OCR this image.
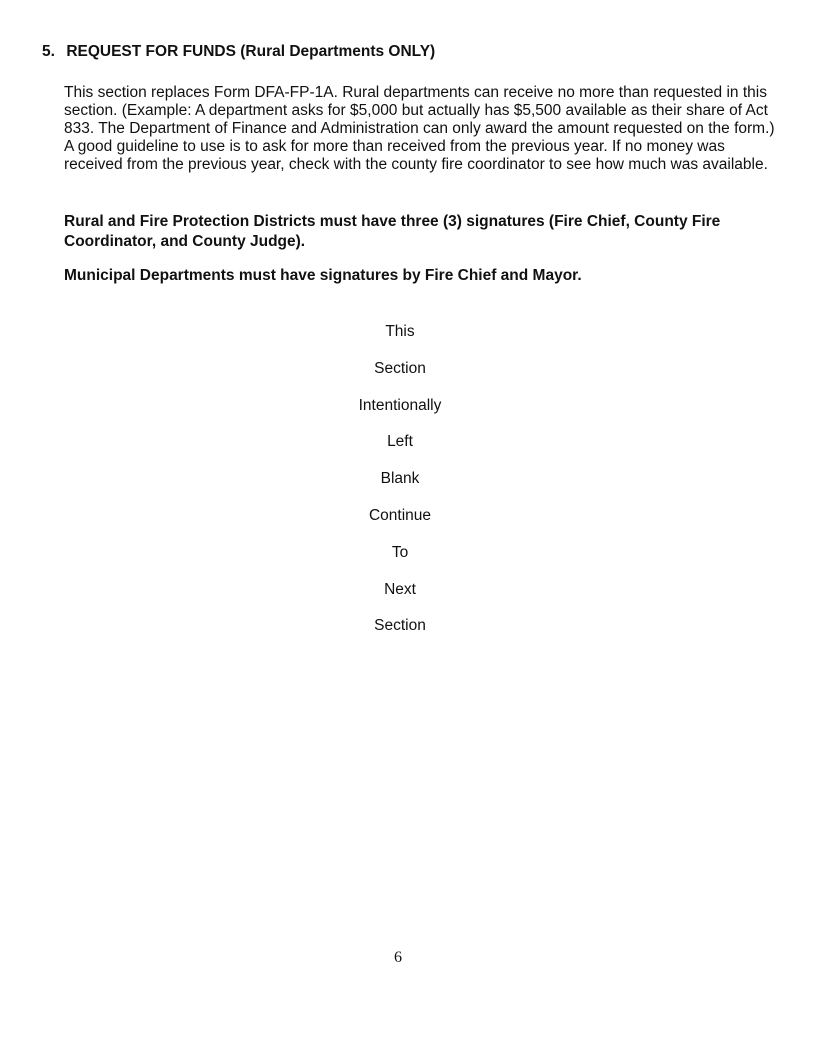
5. REQUEST FOR FUNDS (Rural Departments ONLY)

This section replaces Form DFA-FP-1A. Rural departments can receive no more than requested in this section. (Example: A department asks for $5,000 but actually has $5,500 available as their share of Act 833. The Department of Finance and Administration can only award the amount requested on the form.) A good guideline to use is to ask for more than received from the previous year. If no money was received from the previous year, check with the county fire coordinator to see how much was available.

Rural and Fire Protection Districts must have three (3) signatures (Fire Chief, County Fire Coordinator, and County Judge).

Municipal Departments must have signatures by Fire Chief and Mayor.

This
Section
Intentionally
Left
Blank
Continue
To
Next
Section
6
